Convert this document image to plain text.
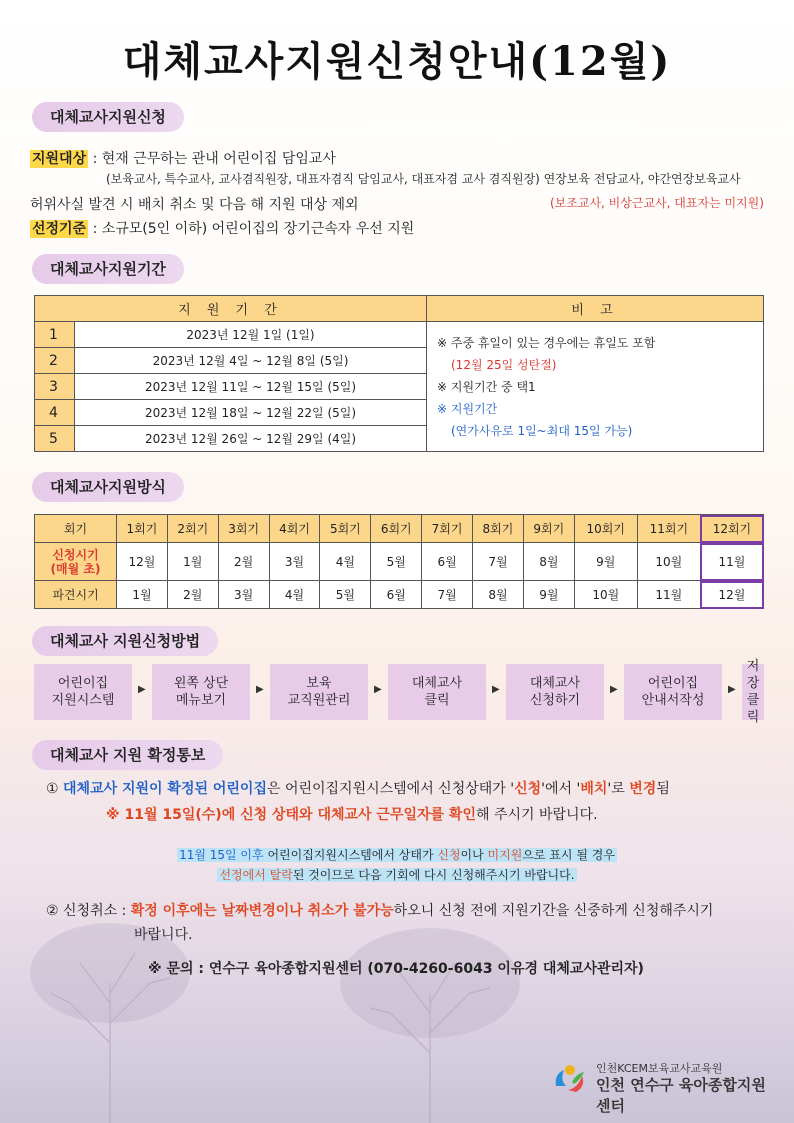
대체교사지원신청안내(12월)
대체교사지원신청
지원대상 : 현재 근무하는 관내 어린이집 담임교사
(보육교사, 특수교사, 교사겸직원장, 대표자겸직 담임교사, 대표자겸 교사 겸직원장) 연장보육 전담교사, 야간연장보육교사
허위사실 발견 시 배치 취소 및 다음 해 지원 대상 제외	(보조교사, 비상근교사, 대표자는 미지원)
선정기준 : 소규모(5인 이하) 어린이집의 장기근속자 우선 지원
대체교사지원기간
지 원 기 간		비 고
1	2023년 12월 1일 (1일)	※ 주중 휴일이 있는 경우에는 휴일도 포함
(12월 25일 성탄절)
※ 지원기간 중 택1
※ 지원기간
(연가사유로 1일~최대 15일 가능)

2	2023년 12월 4일 ~ 12월 8일 (5일)	
3	2023년 12월 11일 ~ 12월 15일 (5일)	
4	2023년 12월 18일 ~ 12월 22일 (5일)	
5	2023년 12월 26일 ~ 12월 29일 (4일)	
대체교사지원방식
회기	1회기	2회기	3회기	4회기	5회기	6회기	7회기	8회기	9회기	10회기	11회기	12회기

신청시기
(매월 초)	12월	1월	2월	3월	4월	5월	6월	7월	8월	9월	10월	11월
파견시기	1월	2월	3월	4월	5월	6월	7월	8월	9월	10월	11월	12월
대체교사 지원신청방법
어린이집
지원시스템
▶ 왼쪽 상단
메뉴보기
▶	보육
교직원관리
▶ 대체교사
클릭
▶ 대체교사
신청하기
▶	어린이집
안내서작성
▶
저장클릭
대체교사 지원 확정통보
① 대체교사 지원이 확정된 어린이집은 어린이집지원시스템에서 신청상태가 '신청'에서 '배치'로 변경됨
※ 11월 15일(수)에 신청 상태와 대체교사 근무일자를 확인해 주시기 바랍니다.
11월 15일 이후 어린이집지원시스템에서 상태가 신청이나 미지원으로 표시 될 경우
선정에서 탈락된 것이므로 다음 기회에 다시 신청해주시기 바랍니다.
② 신청취소 : 확정 이후에는 날짜변경이나 취소가 불가능하오니 신청 전에 지원기간을 신중하게 신청해주시기
바랍니다.
※ 문의 : 연수구 육아종합지원센터 (070-4260-6043 이유경 대체교사관리자)
인천KCEM보육교사교육원
인천 연수구 육아종합지원센터
